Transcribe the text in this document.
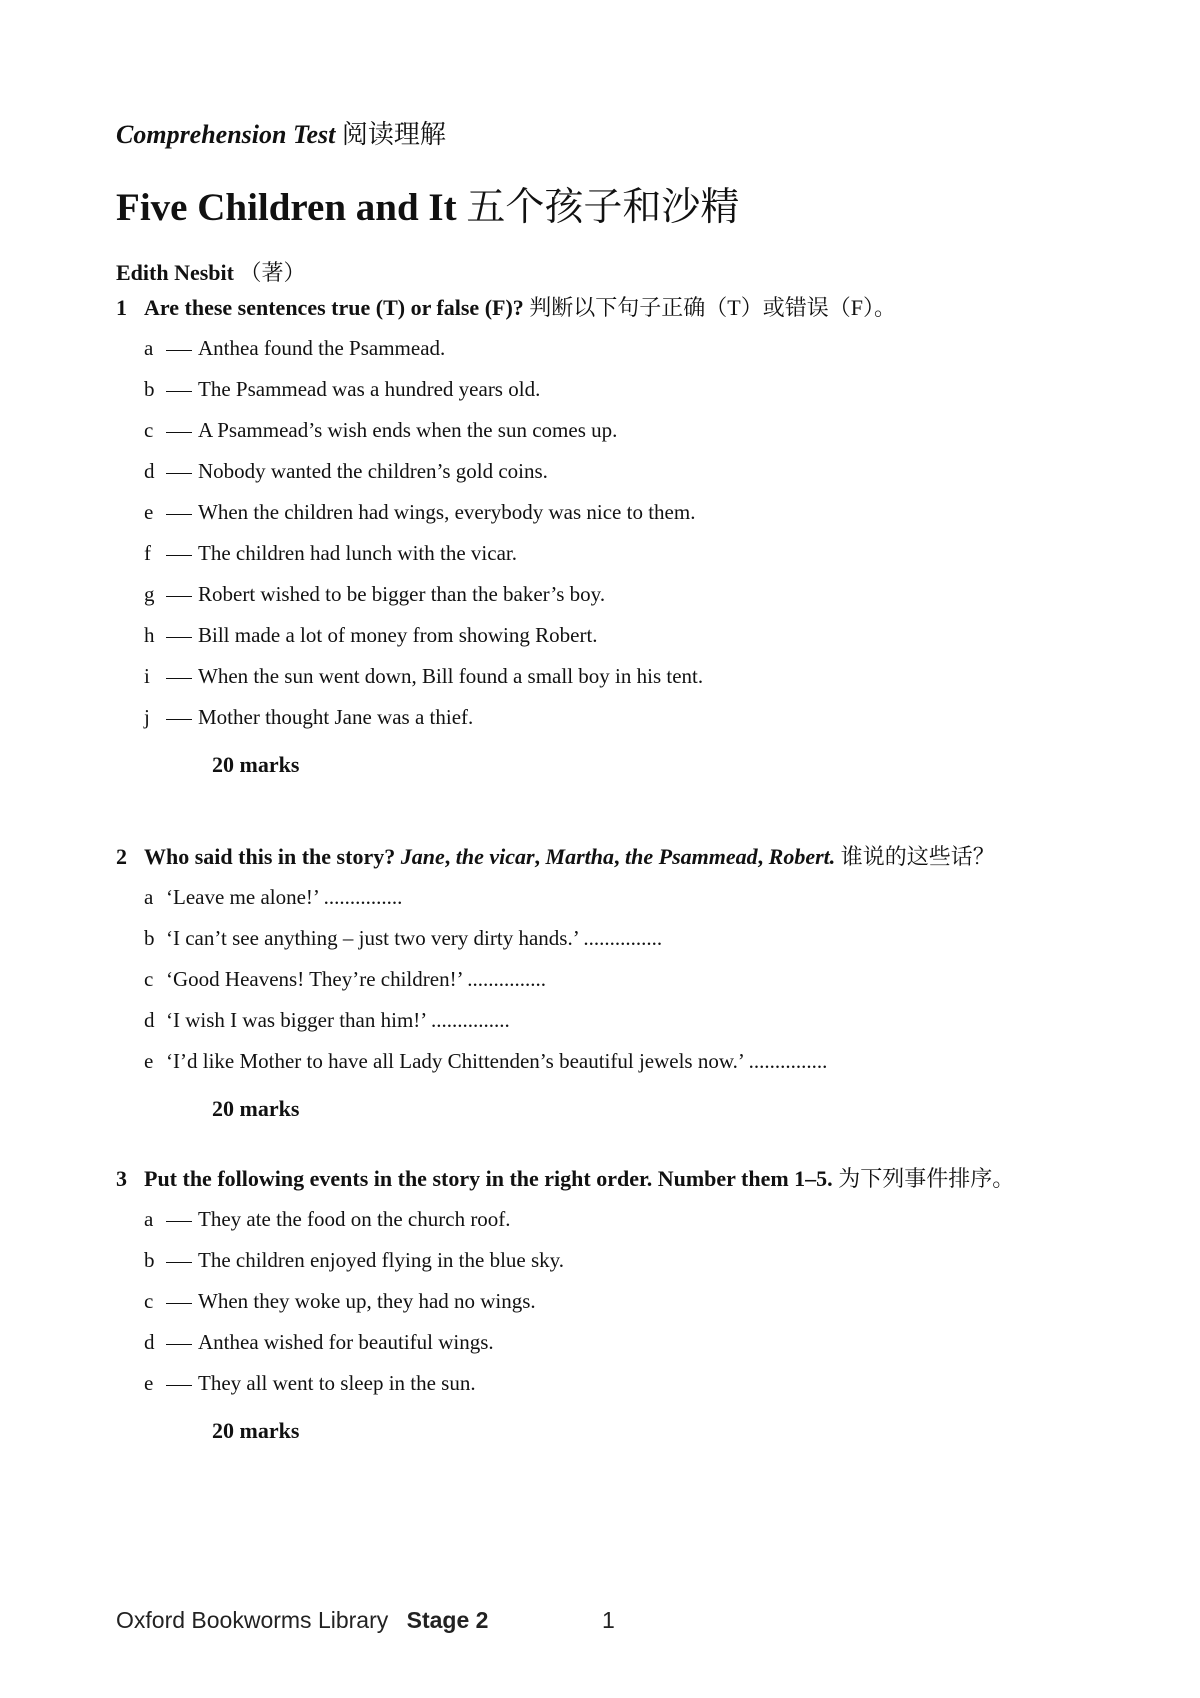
Comprehension Test 阅读理解
Five Children and It 五个孩子和沙精
Edith Nesbit （著）
1 Are these sentences true (T) or false (F)? 判断以下句子正确（T）或错误（F）。
a Anthea found the Psammead.
b The Psammead was a hundred years old.
c A Psammead’s wish ends when the sun comes up.
d Nobody wanted the children’s gold coins.
e When the children had wings, everybody was nice to them.
f The children had lunch with the vicar.
g Robert wished to be bigger than the baker’s boy.
h Bill made a lot of money from showing Robert.
i When the sun went down, Bill found a small boy in his tent.
j Mother thought Jane was a thief.
20 marks
2 Who said this in the story? Jane, the vicar, Martha, the Psammead, Robert. 谁说的这些话？
a ‘Leave me alone!’ ...............
b ‘I can’t see anything – just two very dirty hands.’ ...............
c ‘Good Heavens! They’re children!’ ...............
d ‘I wish I was bigger than him!’ ...............
e ‘I’d like Mother to have all Lady Chittenden’s beautiful jewels now.’ ...............
20 marks
3 Put the following events in the story in the right order. Number them 1–5. 为下列事件排序。
a They ate the food on the church roof.
b The children enjoyed flying in the blue sky.
c When they woke up, they had no wings.
d Anthea wished for beautiful wings.
e They all went to sleep in the sun.
20 marks
Oxford Bookworms Library Stage 2	1
